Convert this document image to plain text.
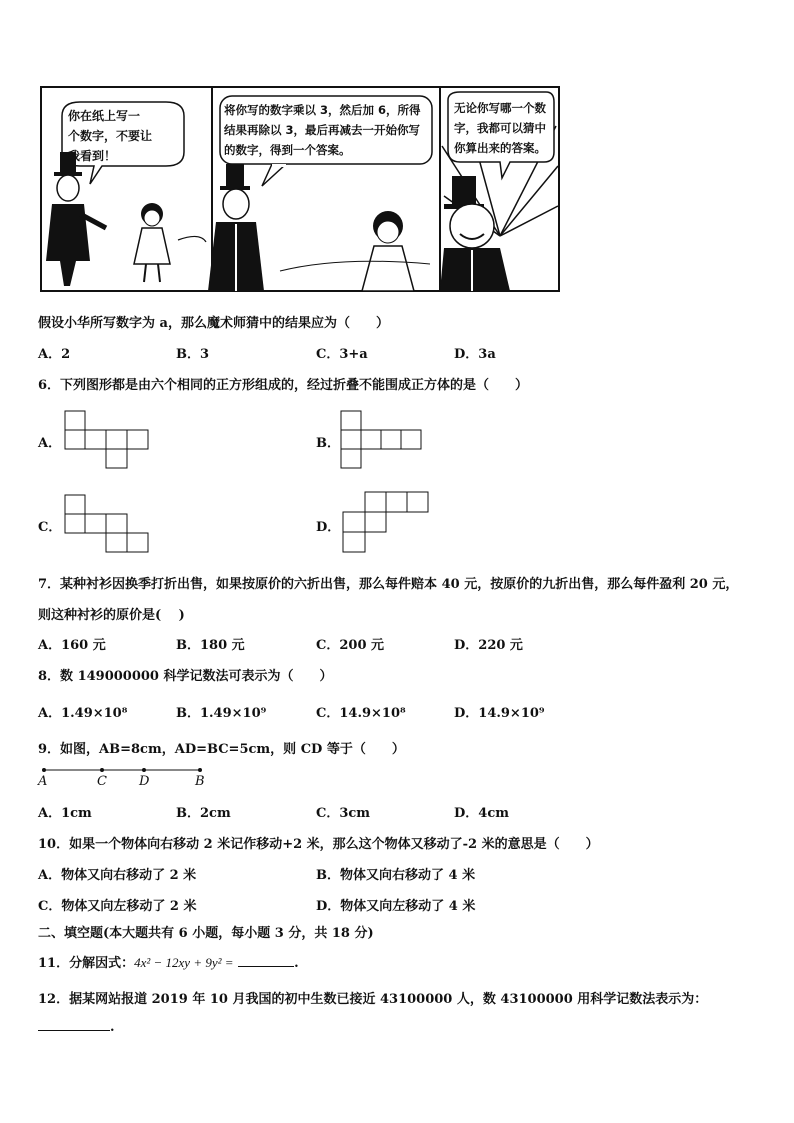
你在纸上写一
个数字，不要让
我看到！
将你写的数字乘以 3，然后加 6，所得
结果再除以 3，最后再减去一开始你写
的数字，得到一个答案。
无论你写哪一个数
字，我都可以猜中
你算出来的答案。
假设小华所写数字为 a，那么魔术师猜中的结果应为（　　）
A．2	B．3	C．3+a	D．3a
6．下列图形都是由六个相同的正方形组成的，经过折叠不能围成正方体的是（　　）
A．	B．
C．	D．
7．某种衬衫因换季打折出售，如果按原价的六折出售，那么每件赔本 40 元，按原价的九折出售，那么每件盈利 20 元，
则这种衬衫的原价是(　 )
A．160 元	B．180 元	C．200 元	D．220 元
8．数 149000000 科学记数法可表示为（　　）
A．1.49×10⁸	B．1.49×10⁹	C．14.9×10⁸	D．14.9×10⁹
9．如图，AB=8cm，AD=BC=5cm，则 CD 等于（　　）
A	C D	B
A．1cm	B．2cm	C．3cm	D．4cm
10．如果一个物体向右移动 2 米记作移动+2 米，那么这个物体又移动了-2 米的意思是（　　）
A．物体又向右移动了 2 米	B．物体又向右移动了 4 米
C．物体又向左移动了 2 米	D．物体又向左移动了 4 米
二、填空题(本大题共有 6 小题，每小题 3 分，共 18 分)
11．分解因式：4x² − 12xy + 9y² =	.
12．据某网站报道 2019 年 10 月我国的初中生数已接近 43100000 人，数 43100000 用科学记数法表示为：
.
